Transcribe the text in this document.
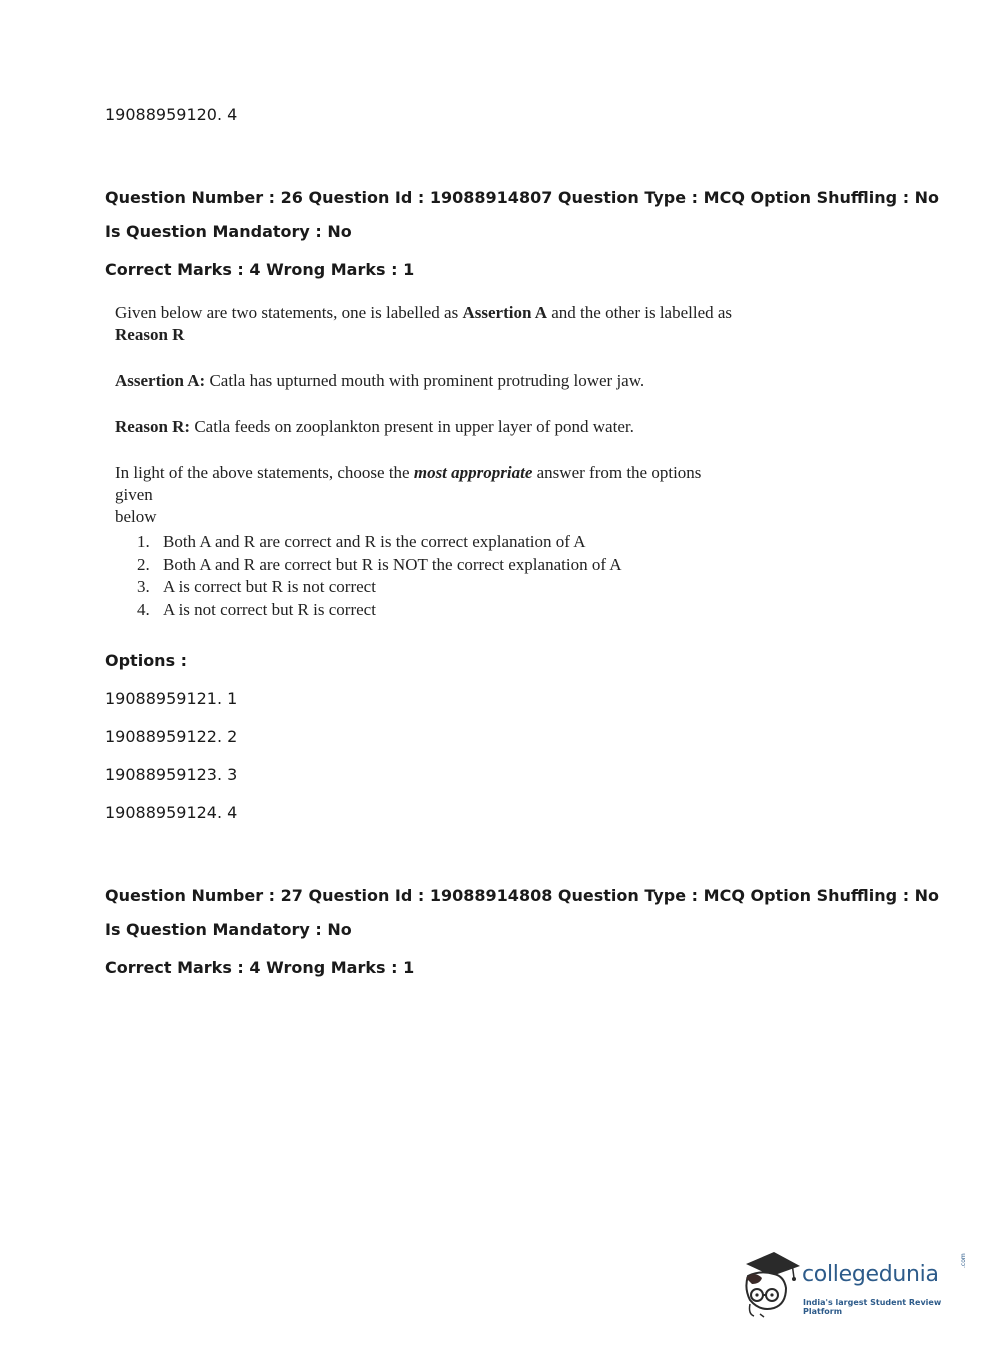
19088959120. 4
Question Number : 26 Question Id : 19088914807 Question Type : MCQ Option Shuffling : No
Is Question Mandatory : No
Correct Marks : 4 Wrong Marks : 1
Given below are two statements, one is labelled as Assertion A and the other is labelled as
Reason R
Assertion A: Catla has upturned mouth with prominent protruding lower jaw.
Reason R: Catla feeds on zooplankton present in upper layer of pond water.
In light of the above statements, choose the most appropriate answer from the options given
below
1. Both A and R are correct and R is the correct explanation of A
2. Both A and R are correct but R is NOT the correct explanation of A
3. A is correct but R is not correct
4. A is not correct but R is correct
Options :
19088959121. 1
19088959122. 2
19088959123. 3
19088959124. 4
Question Number : 27 Question Id : 19088914808 Question Type : MCQ Option Shuffling : No
Is Question Mandatory : No
Correct Marks : 4 Wrong Marks : 1
collegedunia
.com
India's largest Student Review Platform
